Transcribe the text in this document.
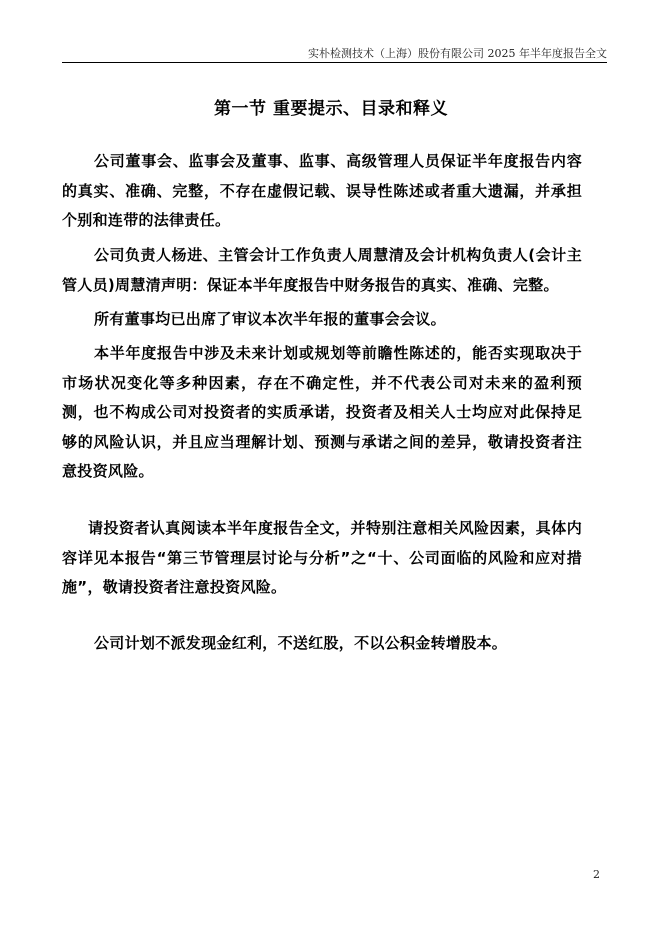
实朴检测技术（上海）股份有限公司 2025 年半年度报告全文
第一节 重要提示、目录和释义

公司董事会、监事会及董事、监事、高级管理人员保证半年度报告内容的真实、准确、完整，不存在虚假记载、误导性陈述或者重大遗漏，并承担个别和连带的法律责任。

公司负责人杨进、主管会计工作负责人周慧清及会计机构负责人(会计主管人员)周慧清声明：保证本半年度报告中财务报告的真实、准确、完整。

所有董事均已出席了审议本次半年报的董事会会议。

本半年度报告中涉及未来计划或规划等前瞻性陈述的，能否实现取决于市场状况变化等多种因素，存在不确定性，并不代表公司对未来的盈利预测，也不构成公司对投资者的实质承诺，投资者及相关人士均应对此保持足够的风险认识，并且应当理解计划、预测与承诺之间的差异，敬请投资者注意投资风险。

请投资者认真阅读本半年度报告全文，并特别注意相关风险因素，具体内容详见本报告“第三节管理层讨论与分析”之“十、公司面临的风险和应对措施”，敬请投资者注意投资风险。

公司计划不派发现金红利，不送红股，不以公积金转增股本。

2
